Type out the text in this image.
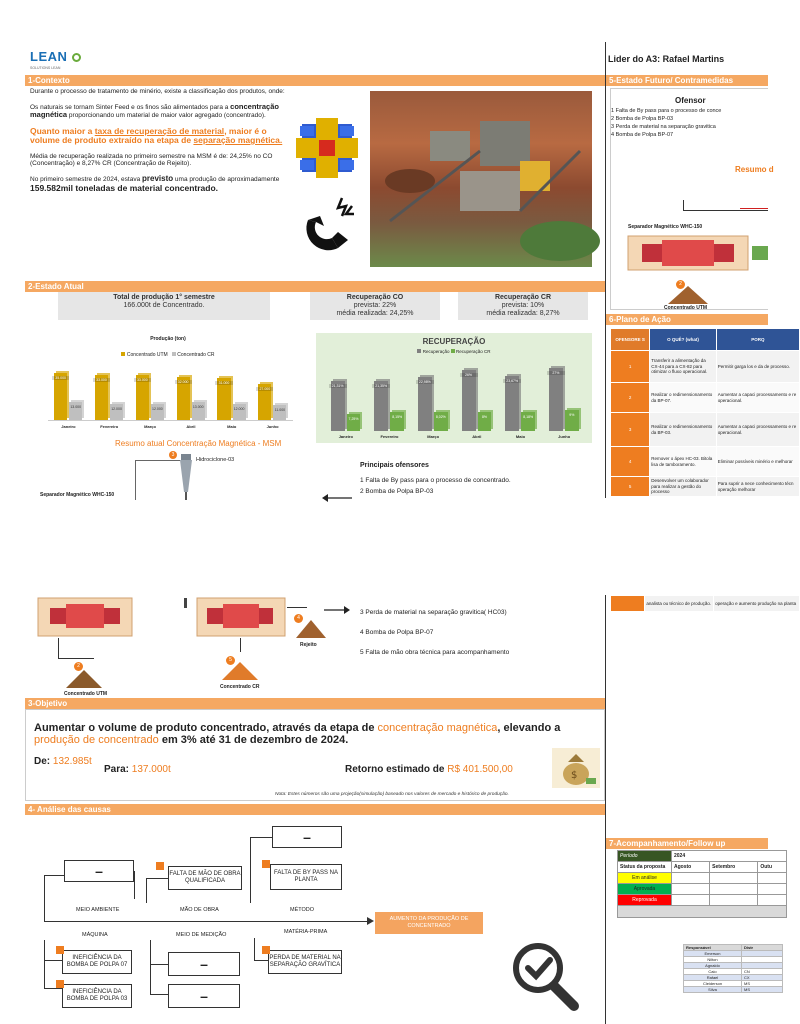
LEAN
SOLUTIONS LEAN
1-Contexto

Durante o processo de tratamento de minério, existe a classificação dos produtos, onde:

Os naturais se tornam Sinter Feed e os finos são alimentados para a concentração magnética proporcionando um material de maior valor agregado (concentrado).

Quanto maior a taxa de recuperação de material, maior é o volume de produto extraído na etapa de separação magnética.

Média de recuperação realizada no primeiro semestre na MSM é de: 24,25% no CO (Concentração) e 8,27% CR (Concentração de Rejeito).

No primeiro semestre de 2024, estava previsto uma produção de aproximadamente 159.582mil toneladas de material concentrado.

2-Estado Atual
Total de produção 1° semestre
166.000t de Concentrado.
Recuperação CO
prevista: 22%
média realizada: 24,25%
Recuperação CR
prevista: 10%
média realizada: 8,27%
Produção (ton)
Concentrado UTM Concentrado CR
35.000
13.000
33.000
12.000
33.000
12.000
32.000
13.000
31.000
12.000
27.000
11.000
Janeiro	Fevereiro	Março	Abril	Maio	Junho
RECUPERAÇÃO
Recuperação Recuperação CR
21,31%
7,25%
21,35%
8,15%
22,98%
8,02%
26%
8%
23,67%
8,18%
27%
9%
Janeiro	Fevereiro	Março	Abril	Maio	Junho
Resumo atual Concentração Magnética - MSM
3
Hidrociclone-03
Separador Magnético WHC-150
Principais ofensores
1 Falta de By pass para o processo de concentrado.
2 Bomba de Polpa BP-03
Lider do A3: Rafael Martins
5-Estado Futuro/ Contramedidas
Ofensor
1 Falta de By pass para o processo de conce
2 Bomba de Polpa BP-03
3 Perda de material na separação gravitica
4 Bomba de Polpa BP-07
Resumo d
Separador Magnético WHC-150
2
Concentrado UTM
6-Plano de Ação
OFENSORE S	O QUÊ? (what)	PORQ
1	Transferir a alimentação da CX-44 para a CX-82 para otimizar o fluxo operacional.	Permitir garga los e da de processo.
2	Realizar o redimensionamento da BP-07.	Aumentar a capaci processamento e re operacional.
3	Realizar o redimensionamento da BP-03.	Aumentar a capaci processamento e re operacional.
4	Remover o ápex HC-03. Bitola lisa de tamboramento.	Eliminar possíveis minério e melhorar
5	Desenvolver um colaborador para realizar a gestão do processo	Para suprir a nece conhecimento técn operação melhorar
2
Concentrado UTM
5
Concentrado CR
4
Rejeito
3 Perda de material na separação gravitica( HC03)
4 Bomba de Polpa BP-07
5 Falta de mão obra técnica para acompanhamento
3-Objetivo
Aumentar o volume de produto concentrado, através da etapa de concentração magnética, elevando a produção de concentrado em 3% até 31 de dezembro de 2024.
De: 132.985t
Para: 137.000t	Retorno estimado de R$ 401.500,00
$
Nota: Estes números são uma projeção(simulação) baseado nos valores de mercado e histórico de produção.
4- Análise das causas
–
–	FALTA DE MÃO DE OBRA QUALIFICADA
FALTA DE BY PASS NA PLANTA
MEIO AMBIENTE	MÃO DE OBRA	MÉTODO
MÁQUINA	MEIO DE MEDIÇÃO	MATÉRIA-PRIMA
AUMENTO DA PRODUÇÃO DE CONCENTRADO
INEFICIÊNCIA DA BOMBA DE POLPA 07
INEFICIÊNCIA DA BOMBA DE POLPA 03
–
–
PERDA DE MATERIAL NA SEPARAÇÃO GRAVÍTICA
	analista ou técnico de produção.	operação e aumento produção na planta
7-Acompanhamento/Follow up
Período	2024		
Status da proposta	Agosto	Setembro	Outu
Em análise			
Aprovada			
Reprovada			

Responsável	Distr
Emerson	
Nilton	
Agnaldo	
Caio	CN
Rafael	CX
Cleiderson	MS
Silva	MS
